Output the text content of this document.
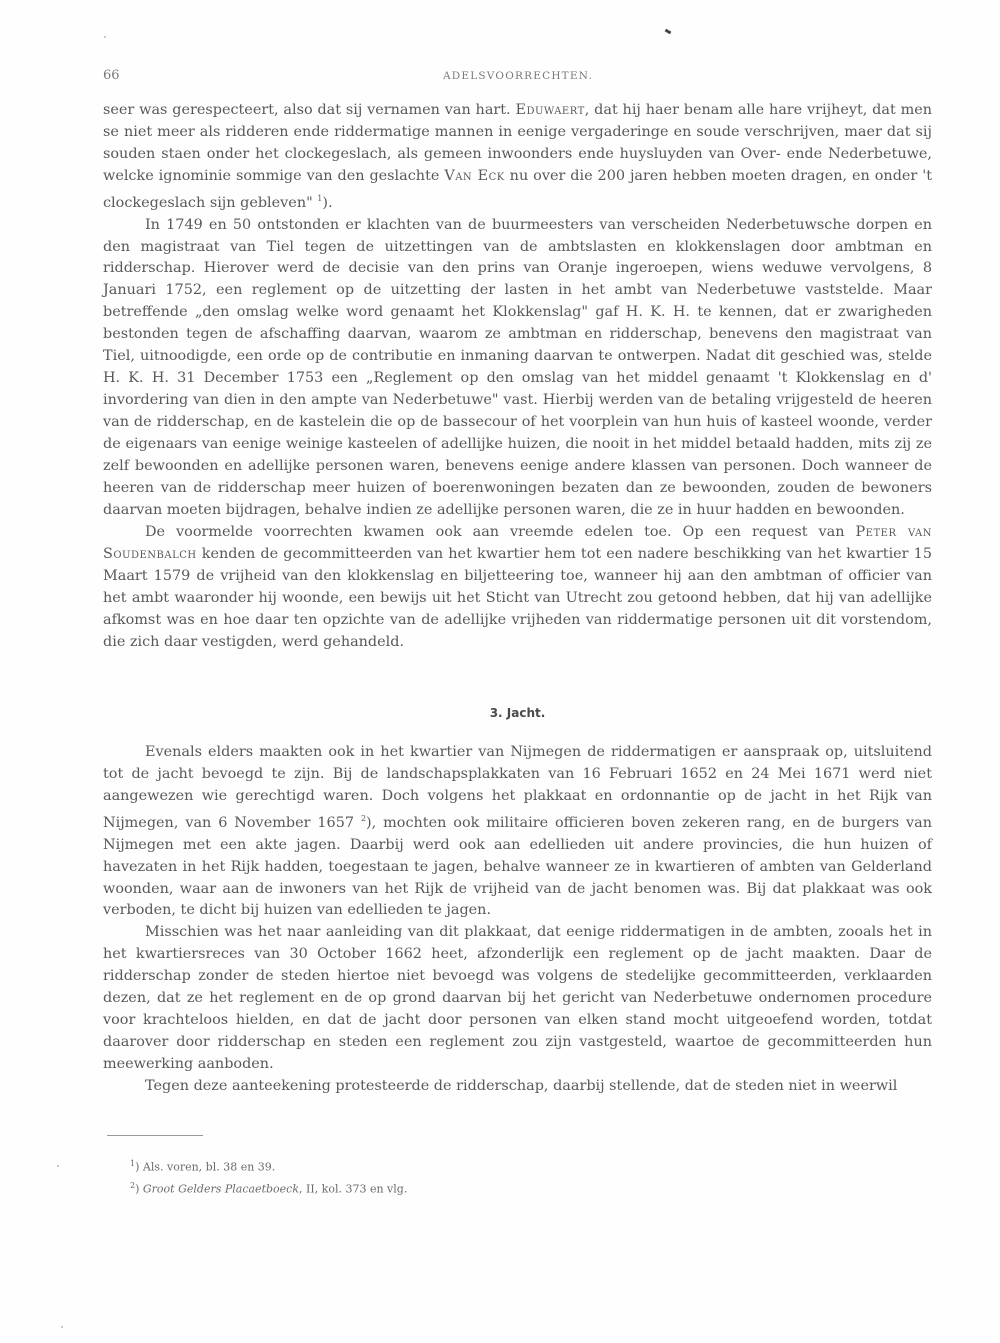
66	ADELSVOORRECHTEN.

seer was gerespecteert, also dat sij vernamen van hart. Eduwaert, dat hij haer benam alle hare vrijheyt, dat men se niet meer als ridderen ende riddermatige mannen in eenige vergaderinge en soude verschrijven, maer dat sij souden staen onder het clockegeslach, als gemeen inwoonders ende huysluyden van Over- ende Nederbetuwe, welcke ignominie sommige van den geslachte Van Eck nu over die 200 jaren hebben moeten dragen, en onder 't clockegeslach sijn gebleven" $^1$).

In 1749 en 50 ontstonden er klachten van de buurmeesters van verscheiden Nederbetuwsche dorpen en den magistraat van Tiel tegen de uitzettingen van de ambtslasten en klokkenslagen door ambtman en ridderschap. Hierover werd de decisie van den prins van Oranje ingeroepen, wiens weduwe vervolgens, 8 Januari 1752, een reglement op de uitzetting der lasten in het ambt van Nederbetuwe vaststelde. Maar betreffende „den omslag welke word genaamt het Klokkenslag" gaf H. K. H. te kennen, dat er zwarigheden bestonden tegen de afschaffing daarvan, waarom ze ambtman en ridderschap, benevens den magistraat van Tiel, uitnoodigde, een orde op de contributie en inmaning daarvan te ontwerpen. Nadat dit geschied was, stelde H. K. H. 31 December 1753 een „Reglement op den omslag van het middel genaamt 't Klokkenslag en d' invordering van dien in den ampte van Nederbetuwe" vast. Hierbij werden van de betaling vrijgesteld de heeren van de ridderschap, en de kastelein die op de bassecour of het voorplein van hun huis of kasteel woonde, verder de eigenaars van eenige weinige kasteelen of adellijke huizen, die nooit in het middel betaald hadden, mits zij ze zelf bewoonden en adellijke personen waren, benevens eenige andere klassen van personen. Doch wanneer de heeren van de ridderschap meer huizen of boerenwoningen bezaten dan ze bewoonden, zouden de bewoners daarvan moeten bijdragen, behalve indien ze adellijke personen waren, die ze in huur hadden en bewoonden.

De voormelde voorrechten kwamen ook aan vreemde edelen toe. Op een request van Peter van Soudenbalch kenden de gecommitteerden van het kwartier hem tot een nadere beschikking van het kwartier 15 Maart 1579 de vrijheid van den klokkenslag en biljetteering toe, wanneer hij aan den ambtman of officier van het ambt waaronder hij woonde, een bewijs uit het Sticht van Utrecht zou getoond hebben, dat hij van adellijke afkomst was en hoe daar ten opzichte van de adellijke vrijheden van riddermatige personen uit dit vorstendom, die zich daar vestigden, werd gehandeld.

3. Jacht.

Evenals elders maakten ook in het kwartier van Nijmegen de riddermatigen er aanspraak op, uitsluitend tot de jacht bevoegd te zijn. Bij de landschapsplakkaten van 16 Februari 1652 en 24 Mei 1671 werd niet aangewezen wie gerechtigd waren. Doch volgens het plakkaat en ordonnantie op de jacht in het Rijk van Nijmegen, van 6 November 1657 $^2$), mochten ook militaire officieren boven zekeren rang, en de burgers van Nijmegen met een akte jagen. Daarbij werd ook aan edellieden uit andere provincies, die hun huizen of havezaten in het Rijk hadden, toegestaan te jagen, behalve wanneer ze in kwartieren of ambten van Gelderland woonden, waar aan de inwoners van het Rijk de vrijheid van de jacht benomen was. Bij dat plakkaat was ook verboden, te dicht bij huizen van edellieden te jagen.

Misschien was het naar aanleiding van dit plakkaat, dat eenige riddermatigen in de ambten, zooals het in het kwartiersreces van 30 October 1662 heet, afzonderlijk een reglement op de jacht maakten. Daar de ridderschap zonder de steden hiertoe niet bevoegd was volgens de stedelijke gecommitteerden, verklaarden dezen, dat ze het reglement en de op grond daarvan bij het gericht van Nederbetuwe ondernomen procedure voor krachteloos hielden, en dat de jacht door personen van elken stand mocht uitgeoefend worden, totdat daarover door ridderschap en steden een reglement zou zijn vastgesteld, waartoe de gecommitteerden hun meewerking aanboden.

Tegen deze aanteekening protesteerde de ridderschap, daarbij stellende, dat de steden niet in weerwil

$^1$) Als. voren, bl. 38 en 39.
$^2$) Groot Gelders Placaetboeck, II, kol. 373 en vlg.
